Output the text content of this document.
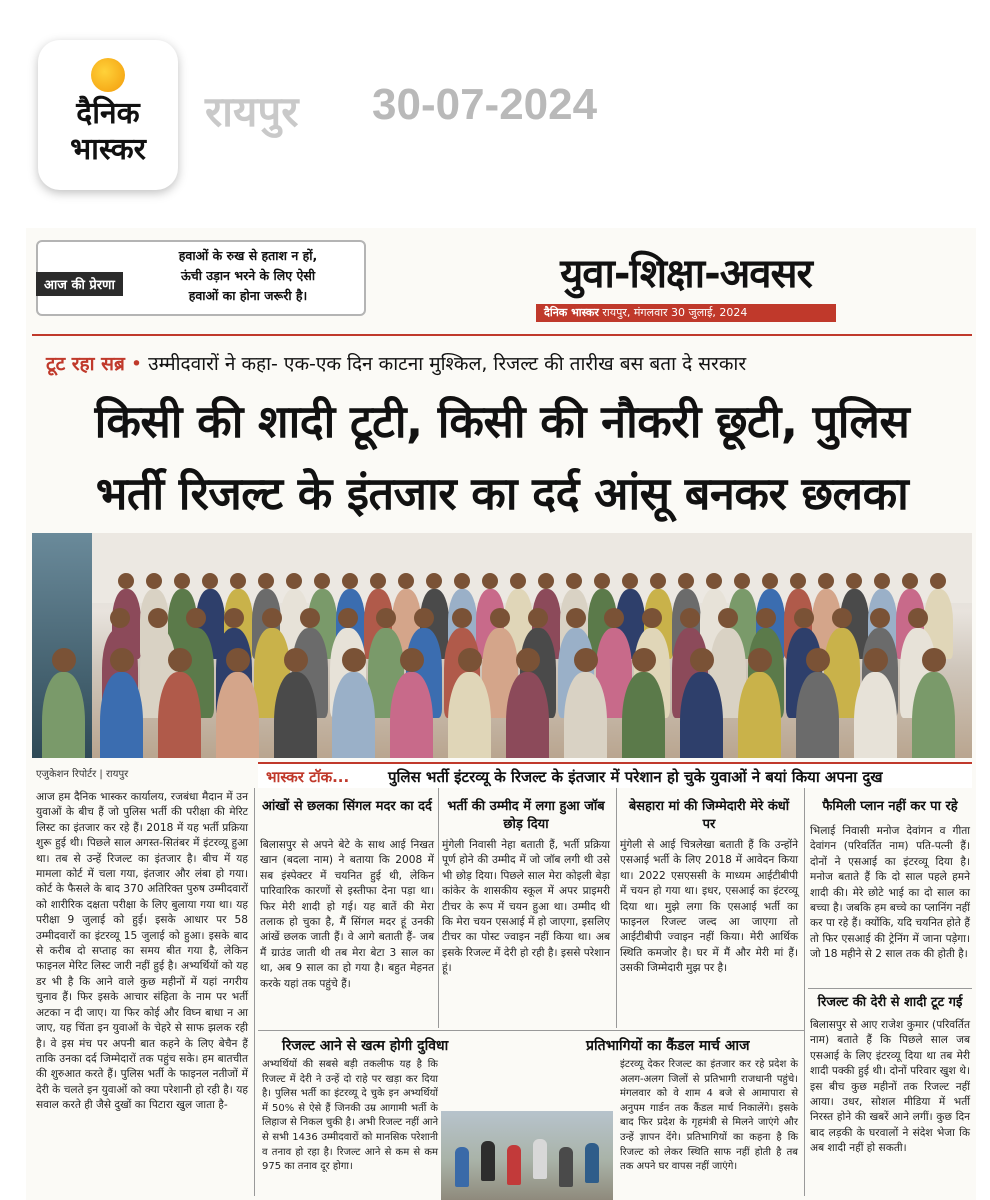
दैनिक
भास्कर
रायपुर 30-07-2024
आज की प्रेरणा
हवाओं के रुख से हताश न हों,
ऊंची उड़ान भरने के लिए ऐसी
हवाओं का होना जरूरी है।	युवा-शिक्षा-अवसर
दैनिक भास्कर रायपुर, मंगलवार 30 जुलाई, 2024
टूट रहा सब्र • उम्मीदवारों ने कहा- एक-एक दिन काटना मुश्किल, रिजल्ट की तारीख बस बता दे सरकार
किसी की शादी टूटी, किसी की नौकरी छूटी, पुलिस
भर्ती रिजल्ट के इंतजार का दर्द आंसू बनकर छलका
एजुकेशन रिपोर्टर | रायपुर	भास्कर टॉक...	पुलिस भर्ती इंटरव्यू के रिजल्ट के इंतजार में परेशान हो चुके युवाओं ने बयां किया अपना दुख

आज हम दैनिक भास्कर कार्यालय, रजबंधा मैदान में उन युवाओं के बीच हैं जो पुलिस भर्ती की परीक्षा की मेरिट लिस्ट का इंतजार कर रहे हैं। 2018 में यह भर्ती प्रक्रिया शुरू हुई थी। पिछले साल अगस्त-सितंबर में इंटरव्यू हुआ था। तब से उन्हें रिजल्ट का इंतजार है। बीच में यह मामला कोर्ट में चला गया, इंतजार और लंबा हो गया। कोर्ट के फैसले के बाद 370 अतिरिक्त पुरुष उम्मीदवारों को शारीरिक दक्षता परीक्षा के लिए बुलाया गया था। यह परीक्षा 9 जुलाई को हुई। इसके आधार पर 58 उम्मीदवारों का इंटरव्यू 15 जुलाई को हुआ। इसके बाद से करीब दो सप्ताह का समय बीत गया है, लेकिन फाइनल मेरिट लिस्ट जारी नहीं हुई है। अभ्यर्थियों को यह डर भी है कि आने वाले कुछ महीनों में यहां नगरीय चुनाव हैं। फिर इसके आचार संहिता के नाम पर भर्ती अटका न दी जाए। या फिर कोई और विघ्न बाधा न आ जाए, यह चिंता इन युवाओं के चेहरे से साफ झलक रही है। वे इस मंच पर अपनी बात कहने के लिए बेचैन हैं ताकि उनका दर्द जिम्मेदारों तक पहुंच सके। हम बातचीत की शुरुआत करते हैं। पुलिस भर्ती के फाइनल नतीजों में देरी के चलते इन युवाओं को क्या परेशानी हो रही है। यह सवाल करते ही जैसे दुखों का पिटारा खुल जाता है-

आंखों से छलका सिंगल मदर का दर्द

बिलासपुर से अपने बेटे के साथ आई निखत खान (बदला नाम) ने बताया कि 2008 में सब इंस्पेक्टर में चयनित हुई थी, लेकिन पारिवारिक कारणों से इस्तीफा देना पड़ा था। फिर मेरी शादी हो गई। यह बातें की मेरा तलाक हो चुका है, मैं सिंगल मदर हूं उनकी आंखें छलक जाती हैं। वे आगे बताती हैं- जब मैं ग्राउंड जाती थी तब मेरा बेटा 3 साल का था, अब 9 साल का हो गया है। बहुत मेहनत करके यहां तक पहुंचे हैं।

भर्ती की उम्मीद में लगा हुआ जॉब छोड़ दिया

मुंगेली निवासी नेहा बताती हैं, भर्ती प्रक्रिया पूर्ण होने की उम्मीद में जो जॉब लगी थी उसे भी छोड़ दिया। पिछले साल मेरा कोइली बेड़ा कांकेर के शासकीय स्कूल में अपर प्राइमरी टीचर के रूप में चयन हुआ था। उम्मीद थी कि मेरा चयन एसआई में हो जाएगा, इसलिए टीचर का पोस्ट ज्वाइन नहीं किया था। अब इसके रिजल्ट में देरी हो रही है। इससे परेशान हूं।

बेसहारा मां की जिम्मेदारी मेरे कंधों पर

मुंगेली से आई चित्रलेखा बताती हैं कि उन्होंने एसआई भर्ती के लिए 2018 में आवेदन किया था। 2022 एसएससी के माध्यम आईटीबीपी में चयन हो गया था। इधर, एसआई का इंटरव्यू दिया था। मुझे लगा कि एसआई भर्ती का फाइनल रिजल्ट जल्द आ जाएगा तो आईटीबीपी ज्वाइन नहीं किया। मेरी आर्थिक स्थिति कमजोर है। घर में मैं और मेरी मां हैं। उसकी जिम्मेदारी मुझ पर है।

फैमिली प्लान नहीं कर पा रहे

भिलाई निवासी मनोज देवांगन व गीता देवांगन (परिवर्तित नाम) पति-पत्नी हैं। दोनों ने एसआई का इंटरव्यू दिया है। मनोज बताते हैं कि दो साल पहले हमने शादी की। मेरे छोटे भाई का दो साल का बच्चा है। जबकि हम बच्चे का प्लानिंग नहीं कर पा रहे हैं। क्योंकि, यदि चयनित होते हैं तो फिर एसआई की ट्रेनिंग में जाना पड़ेगा। जो 18 महीने से 2 साल तक की होती है।

रिजल्ट की देरी से शादी टूट गई

बिलासपुर से आए राजेश कुमार (परिवर्तित नाम) बताते हैं कि पिछले साल जब एसआई के लिए इंटरव्यू दिया था तब मेरी शादी पक्की हुई थी। दोनों परिवार खुश थे। इस बीच कुछ महीनों तक रिजल्ट नहीं आया। उधर, सोशल मीडिया में भर्ती निरस्त होने की खबरें आने लगीं। कुछ दिन बाद लड़की के घरवालों ने संदेश भेजा कि अब शादी नहीं हो सकती।

रिजल्ट आने से खत्म होगी दुविधा

अभ्यर्थियों की सबसे बड़ी तकलीफ यह है कि रिजल्ट में देरी ने उन्हें दो राहे पर खड़ा कर दिया है। पुलिस भर्ती का इंटरव्यू दे चुके इन अभ्यर्थियों में 50% से ऐसे हैं जिनकी उम्र आगामी भर्ती के लिहाज से निकल चुकी है। अभी रिजल्ट नहीं आने से सभी 1436 उम्मीदवारों को मानसिक परेशानी व तनाव हो रहा है। रिजल्ट आने से कम से कम 975 का तनाव दूर होगा।

प्रतिभागियों का कैंडल मार्च आज

इंटरव्यू देकर रिजल्ट का इंतजार कर रहे प्रदेश के अलग-अलग जिलों से प्रतिभागी राजधानी पहुंचे। मंगलवार को वे शाम 4 बजे से आमापारा से अनुपम गार्डन तक कैंडल मार्च निकालेंगे। इसके बाद फिर प्रदेश के गृहमंत्री से मिलने जाएंगे और उन्हें ज्ञापन देंगे। प्रतिभागियों का कहना है कि रिजल्ट को लेकर स्थिति साफ नहीं होती है तब तक अपने घर वापस नहीं जाएंगे।
